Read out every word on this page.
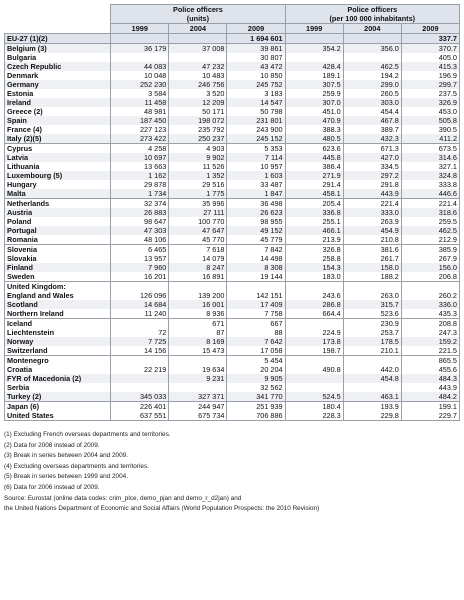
	Police officers
(units)			Police officers
(per 100 000 inhabitants)		
	1999	2004	2009	1999	2004	2009
EU-27 (1)(2)			1 694 601			337.7
Belgium (3)	36 179	37 008	39 861	354.2	356.0	370.7
Bulgaria			30 807			405.0
Czech Republic	44 083	47 232	43 472	428.4	462.5	415.3
Denmark	10 048	10 483	10 850	189.1	194.2	196.9
Germany	252 230	246 756	245 752	307.5	299.0	299.7
Estonia	3 584	3 520	3 183	259.9	260.5	237.5
Ireland	11 458	12 209	14 547	307.0	303.0	326.9
Greece (2)	48 981	50 171	50 798	451.0	454.4	453.0
Spain	187 450	198 072	231 801	470.9	467.8	505.8
France (4)	227 123	235 792	243 900	388.3	389.7	390.5
Italy (2)(5)	273 422	250 237	245 152	480.5	432.3	411.2
Cyprus	4 258	4 903	5 353	623.6	671.3	673.5
Latvia	10 697	9 902	7 114	445.8	427.0	314.6
Lithuania	13 663	11 526	10 957	386.4	334.5	327.1
Luxembourg (5)	1 162	1 352	1 603	271.9	297.2	324.8
Hungary	29 878	29 516	33 487	291.4	291.8	333.8
Malta	1 734	1 775	1 847	458.1	443.9	446.6
Netherlands	32 374	35 996	36 498	205.4	221.4	221.4
Austria	26 883	27 111	26 623	336.8	333.0	318.6
Poland	98 647	100 770	98 955	255.1	263.9	259.5
Portugal	47 303	47 647	49 152	466.1	454.9	462.5
Romania	48 106	45 770	45 779	213.9	210.8	212.9
Slovenia	6 465	7 618	7 842	326.8	381.6	385.9
Slovakia	13 957	14 079	14 498	258.8	261.7	267.9
Finland	7 960	8 247	8 308	154.3	158.0	156.0
Sweden	16 201	16 891	19 144	183.0	188.2	206.8
United Kingdom:						
England and Wales	126 096	139 200	142 151	243.6	263.0	260.2
Scotland	14 684	16 001	17 409	286.8	315.7	336.0
Northern Ireland	11 240	8 936	7 758	664.4	523.6	435.3
Iceland		671	667		230.9	208.8
Liechtenstein	72	87	88	224.9	253.7	247.3
Norway	7 725	8 169	7 642	173.8	178.5	159.2
Switzerland	14 156	15 473	17 058	198.7	210.1	221.5
Montenegro			5 454			865.5
Croatia	22 219	19 634	20 204	490.8	442.0	455.6
FYR of Macedonia (2)		9 231	9 905		454.8	484.3
Serbia			32 562			443.9
Turkey (2)	345 033	327 371	341 770	524.5	463.1	484.2
Japan (6)	226 401	244 947	251 939	180.4	193.9	199.1
United States	637 551	675 734	706 886	228.3	229.8	229.7
(1) Excluding French overseas departments and territories.
(2) Data for 2008 instead of 2009.
(3) Break in series between 2004 and 2009.
(4) Excluding overseas departments and territories.
(5) Break in series between 1999 and 2004.
(6) Data for 2006 instead of 2009.
Source: Eurostat (online data codes: crim_plce, demo_pjan and demo_r_d2jan) and
the United Nations Department of Economic and Social Affairs (World Population Prospects: the 2010 Revision)
